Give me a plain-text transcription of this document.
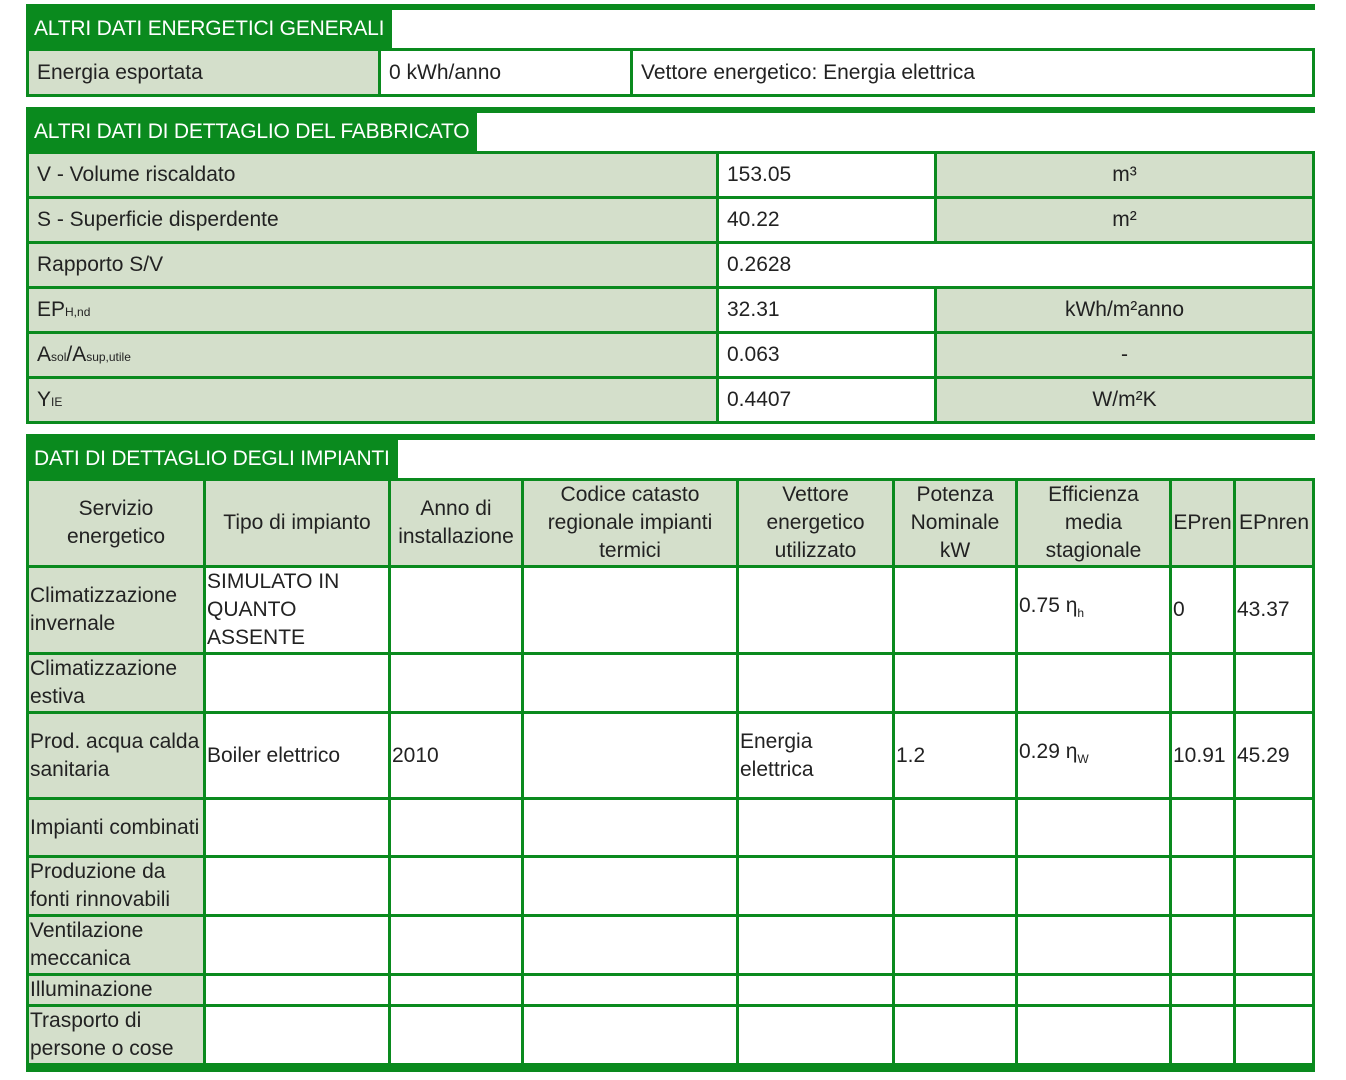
ALTRI DATI ENERGETICI GENERALI
Energia esportata	0 kWh/anno	Vettore energetico: Energia elettrica
ALTRI DATI DI DETTAGLIO DEL FABBRICATO
V - Volume riscaldato	153.05	m³
S - Superficie disperdente	40.22	m²
Rapporto S/V	0.2628	
EPH,nd	32.31	kWh/m²anno
Asol/Asup,utile	0.063	-
YIE	0.4407	W/m²K
DATI DI DETTAGLIO DEGLI IMPIANTI
Servizio energetico	Tipo di impianto	Anno di installazione	Codice catasto regionale impianti termici	Vettore energetico utilizzato	Potenza Nominale kW	Efficienza media stagionale	EPren	EPnren
Climatizzazione invernale	SIMULATO IN QUANTO ASSENTE					0.75 $\eta_h$	0	43.37
Climatizzazione estiva								
Prod. acqua calda sanitaria	Boiler elettrico	2010		Energia elettrica	1.2	0.29 $\eta_W$	10.91	45.29
Impianti combinati								
Produzione da fonti rinnovabili								
Ventilazione meccanica								
Illuminazione								
Trasporto di persone o cose								
